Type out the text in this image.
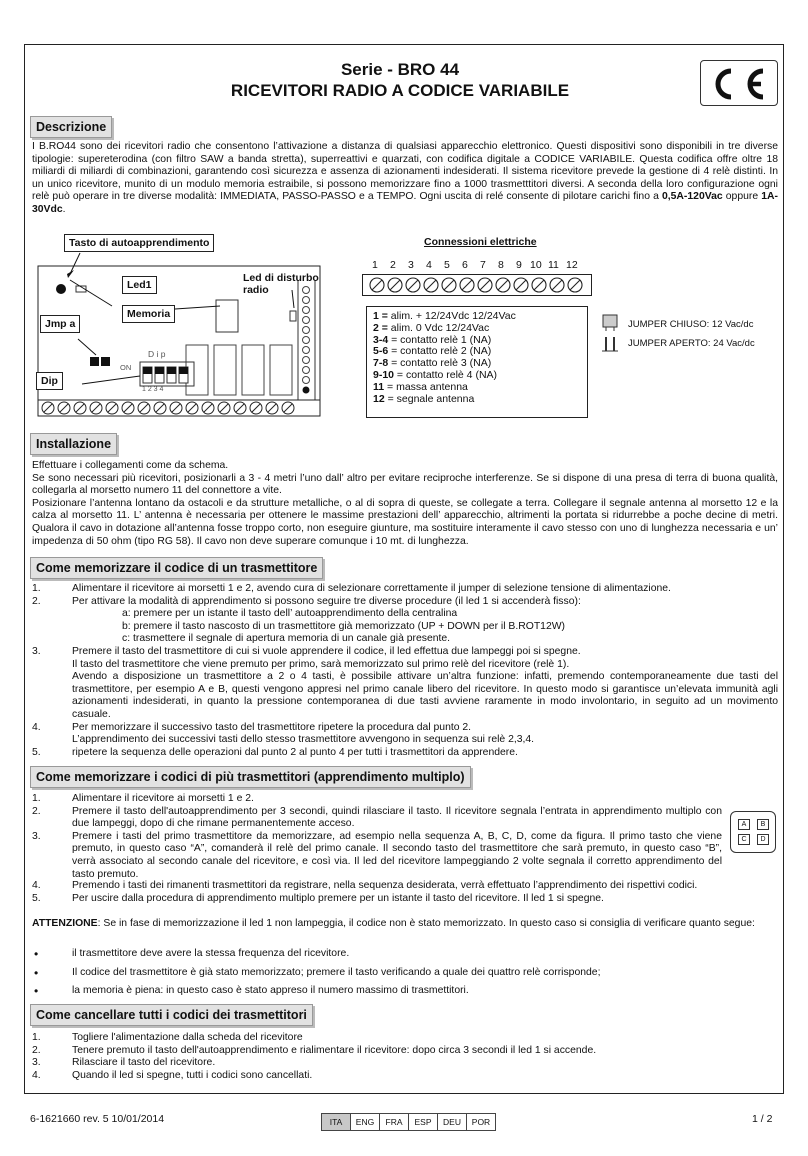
Serie - BRO 44
RICEVITORI RADIO A CODICE VARIABILE
Descrizione

I B.RO44 sono dei ricevitori radio che consentono l’attivazione a distanza di qualsiasi apparecchio elettronico. Questi dispositivi sono disponibili in tre diverse tipologie: supereterodina (con filtro SAW a banda stretta), superreattivi e quarzati, con codifica digitale a CODICE VARIABILE. Questa codifica offre oltre 18 miliardi di miliardi di combinazioni, garantendo così sicurezza e assenza di azionamenti indesiderati. Il sistema ricevitore prevede la gestione di 4 relè distinti. In un unico ricevitore, munito di un modulo memoria estraibile, si possono memorizzare fino a 1000 trasmetttitori diversi. A seconda della loro configurazione ogni relè può operare in tre diverse modalità: IMMEDIATA, PASSO-PASSO e a TEMPO. Ogni uscita di relé consente di pilotare carichi fino a 0,5A-120Vac oppure 1A-30Vdc.

Tasto di autoapprendimento
D i p
ON
1 2 3 4
Led1
Memoria
Jmp a
Dip
Led di disturbo radio
Connessioni elettriche
1 2 3 4 5 6 7 8 9 10 11 12
1 = alim. + 12/24Vdc 12/24Vac
2 = alim. 0 Vdc 12/24Vac
3-4 = contatto relè 1 (NA)
5-6 = contatto relè 2 (NA)
7-8 = contatto relè 3 (NA)
9-10 = contatto relè 4 (NA)
11 = massa antenna
12 = segnale antenna
JUMPER CHIUSO: 12 Vac/dc
JUMPER APERTO: 24 Vac/dc
Installazione

Effettuare i collegamenti come da schema.

Se sono necessari più ricevitori, posizionarli a 3 - 4 metri l’uno dall’ altro per evitare reciproche interferenze. Se si dispone di una presa di terra di buona qualità, collegarla al morsetto numero 11 del connettore a vite.

Posizionare l’antenna lontano da ostacoli e da strutture metalliche, o al di sopra di queste, se collegate a terra. Collegare il segnale antenna al morsetto 12 e la calza al morsetto 11. L’ antenna è necessaria per ottenere le massime prestazioni dell’ apparecchio, altrimenti la portata si ridurrebbe a poche decine di metri. Qualora il cavo in dotazione all’antenna fosse troppo corto, non eseguire giunture, ma sostituire interamente il cavo stesso con uno di lunghezza necessaria e un’ impedenza di 50 ohm (tipo RG 58). Il cavo non deve superare comunque i 10 mt. di lunghezza.

Come memorizzare il codice di un trasmettitore
1.	Alimentare il ricevitore ai morsetti 1 e 2, avendo cura di selezionare correttamente il jumper di selezione tensione di alimentazione.
2.	Per attivare la modalità di apprendimento si possono seguire tre diverse procedure (il led 1 si accenderà fisso):
a: premere per un istante il tasto dell’ autoapprendimento della centralina
b: premere il tasto nascosto di un trasmettitore già memorizzato (UP + DOWN per il B.ROT12W)
c: trasmettere il segnale di apertura memoria di un canale già presente.
3.	Premere il tasto del trasmettitore di cui si vuole apprendere il codice, il led effettua due lampeggi poi si spegne.
Il tasto del trasmettitore che viene premuto per primo, sarà memorizzato sul primo relè del ricevitore (relè 1).
Avendo a disposizione un trasmettitore a 2 o 4 tasti, è possibile attivare un’altra funzione: infatti, premendo contemporaneamente due tasti del trasmettitore, per esempio A e B, questi vengono appresi nel primo canale libero del ricevitore. In questo modo si garantisce un’elevata immunità agli azionamenti indesiderati, in quanto la pressione contemporanea di due tasti avviene raramente in modo involontario, in seguito ad un movimento casuale.
4.	Per memorizzare il successivo tasto del trasmettitore ripetere la procedura dal punto 2.
L’apprendimento dei successivi tasti dello stesso trasmettitore avvengono in sequenza sui relè 2,3,4.
5.	ripetere la sequenza delle operazioni dal punto 2 al punto 4 per tutti i trasmettitori da apprendere.
Come memorizzare i codici di più trasmettitori (apprendimento multiplo)
1.	Alimentare il ricevitore ai morsetti 1 e 2.
2.	Premere il tasto dell'autoapprendimento per 3 secondi, quindi rilasciare il tasto. Il ricevitore segnala l’entrata in apprendimento multiplo con due lampeggi, dopo di che rimane permanentemente acceso.
3.	Premere i tasti del primo trasmettitore da memorizzare, ad esempio nella sequenza A, B, C, D, come da figura. Il primo tasto che viene premuto, in questo caso “A”, comanderà il relè del primo canale. Il secondo tasto del trasmettitore che sarà premuto, in questo caso “B”, verrà associato al secondo canale del ricevitore, e così via. Il led del ricevitore lampeggiando 2 volte segnala il corretto apprendimento del tasto premuto.
4.	Premendo i tasti dei rimanenti trasmettitori da registrare, nella sequenza desiderata, verrà effettuato l’apprendimento dei rispettivi codici.
5.	Per uscire dalla procedura di apprendimento multiplo premere per un istante il tasto del ricevitore. Il led 1 si spegne.
A	B
C	D

ATTENZIONE: Se in fase di memorizzazione il led 1 non lampeggia, il codice non è stato memorizzato. In questo caso si consiglia di verificare quanto segue:

•	il trasmettitore deve avere la stessa frequenza del ricevitore.
•	Il codice del trasmettitore è già stato memorizzato; premere il tasto verificando a quale dei quattro relè corrisponde;
•	la memoria è piena: in questo caso è stato appreso il numero massimo di trasmettitori.
Come cancellare tutti i codici dei trasmettitori
1.	Togliere l'alimentazione dalla scheda del ricevitore
2.	Tenere premuto il tasto dell'autoapprendimento e rialimentare il ricevitore: dopo circa 3 secondi il led 1 si accende.
3.	Rilasciare il tasto del ricevitore.
4.	Quando il led si spegne, tutti i codici sono cancellati.
6-1621660 rev. 5 10/01/2014	ITA	ENG	FRA	ESP	DEU	POR	1 / 2
